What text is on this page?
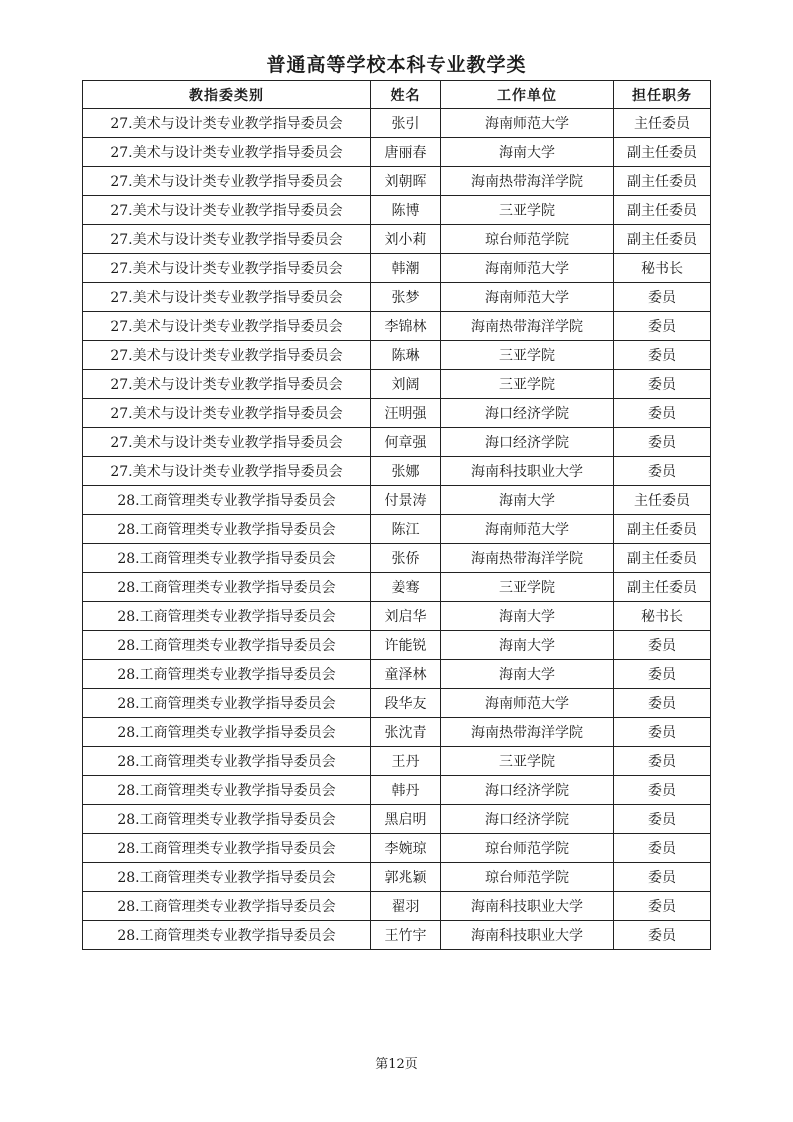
普通高等学校本科专业教学类
教指委类别	姓名	工作单位	担任职务
27.美术与设计类专业教学指导委员会	张引	海南师范大学	主任委员
27.美术与设计类专业教学指导委员会	唐丽春	海南大学	副主任委员
27.美术与设计类专业教学指导委员会	刘朝晖	海南热带海洋学院	副主任委员
27.美术与设计类专业教学指导委员会	陈博	三亚学院	副主任委员
27.美术与设计类专业教学指导委员会	刘小莉	琼台师范学院	副主任委员
27.美术与设计类专业教学指导委员会	韩潮	海南师范大学	秘书长
27.美术与设计类专业教学指导委员会	张梦	海南师范大学	委员
27.美术与设计类专业教学指导委员会	李锦林	海南热带海洋学院	委员
27.美术与设计类专业教学指导委员会	陈琳	三亚学院	委员
27.美术与设计类专业教学指导委员会	刘阔	三亚学院	委员
27.美术与设计类专业教学指导委员会	汪明强	海口经济学院	委员
27.美术与设计类专业教学指导委员会	何章强	海口经济学院	委员
27.美术与设计类专业教学指导委员会	张娜	海南科技职业大学	委员
28.工商管理类专业教学指导委员会	付景涛	海南大学	主任委员
28.工商管理类专业教学指导委员会	陈江	海南师范大学	副主任委员
28.工商管理类专业教学指导委员会	张侨	海南热带海洋学院	副主任委员
28.工商管理类专业教学指导委员会	姜骞	三亚学院	副主任委员
28.工商管理类专业教学指导委员会	刘启华	海南大学	秘书长
28.工商管理类专业教学指导委员会	许能锐	海南大学	委员
28.工商管理类专业教学指导委员会	童泽林	海南大学	委员
28.工商管理类专业教学指导委员会	段华友	海南师范大学	委员
28.工商管理类专业教学指导委员会	张沈青	海南热带海洋学院	委员
28.工商管理类专业教学指导委员会	王丹	三亚学院	委员
28.工商管理类专业教学指导委员会	韩丹	海口经济学院	委员
28.工商管理类专业教学指导委员会	黑启明	海口经济学院	委员
28.工商管理类专业教学指导委员会	李婉琼	琼台师范学院	委员
28.工商管理类专业教学指导委员会	郭兆颖	琼台师范学院	委员
28.工商管理类专业教学指导委员会	翟羽	海南科技职业大学	委员
28.工商管理类专业教学指导委员会	王竹宇	海南科技职业大学	委员
第12页
